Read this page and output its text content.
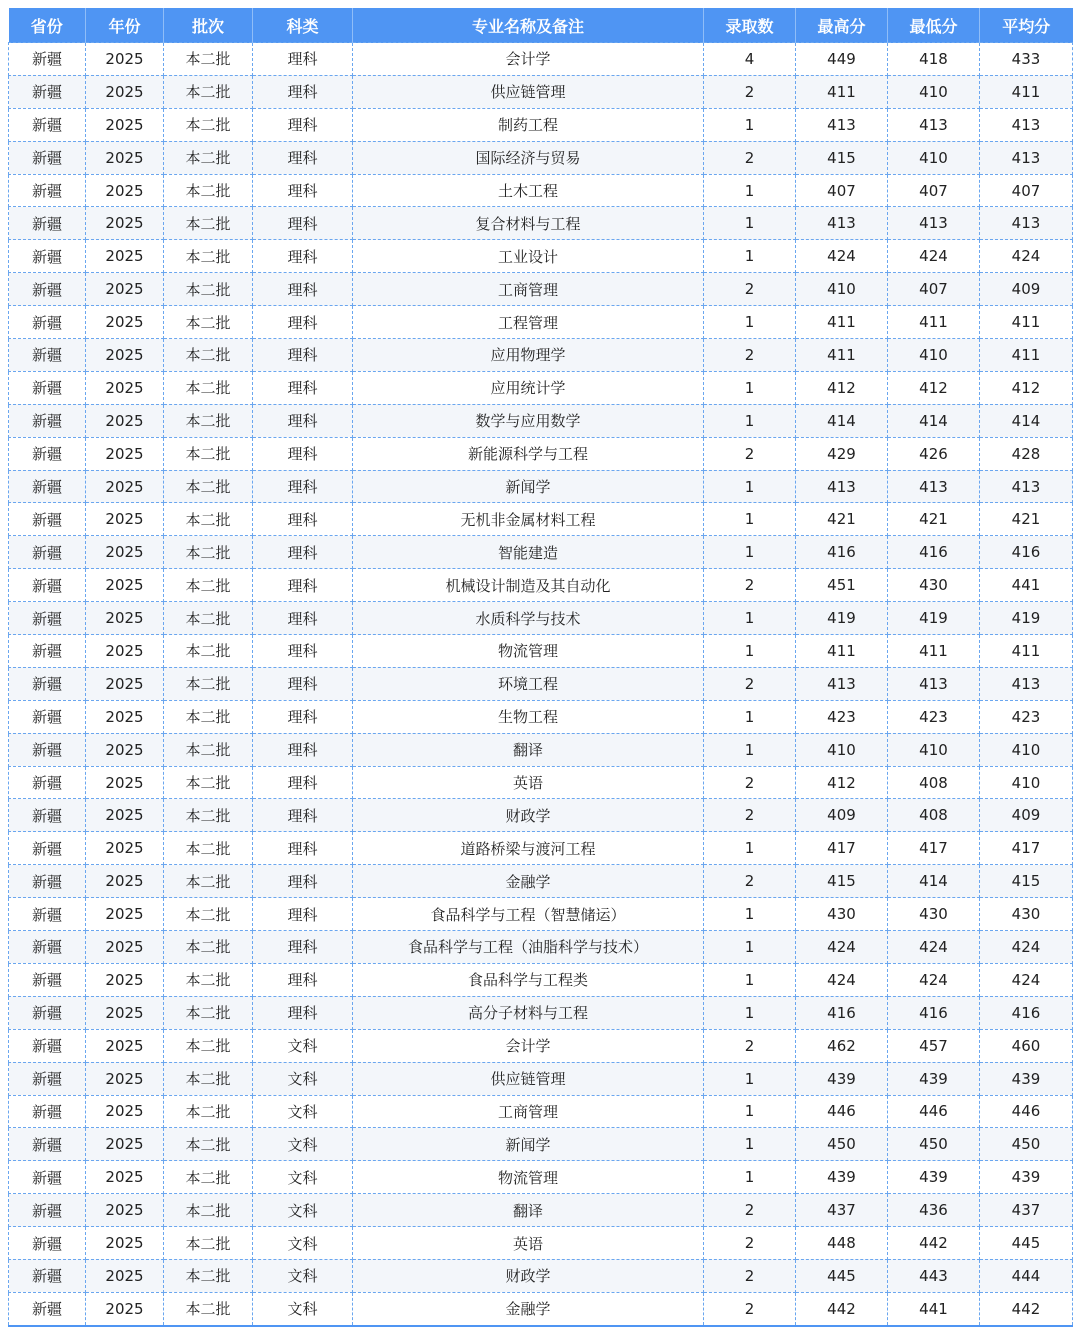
省份	年份	批次	科类	专业名称及备注	录取数	最高分	最低分	平均分
新疆	2025	本二批	理科	会计学	4	449	418	433
新疆	2025	本二批	理科	供应链管理	2	411	410	411
新疆	2025	本二批	理科	制药工程	1	413	413	413
新疆	2025	本二批	理科	国际经济与贸易	2	415	410	413
新疆	2025	本二批	理科	土木工程	1	407	407	407
新疆	2025	本二批	理科	复合材料与工程	1	413	413	413
新疆	2025	本二批	理科	工业设计	1	424	424	424
新疆	2025	本二批	理科	工商管理	2	410	407	409
新疆	2025	本二批	理科	工程管理	1	411	411	411
新疆	2025	本二批	理科	应用物理学	2	411	410	411
新疆	2025	本二批	理科	应用统计学	1	412	412	412
新疆	2025	本二批	理科	数学与应用数学	1	414	414	414
新疆	2025	本二批	理科	新能源科学与工程	2	429	426	428
新疆	2025	本二批	理科	新闻学	1	413	413	413
新疆	2025	本二批	理科	无机非金属材料工程	1	421	421	421
新疆	2025	本二批	理科	智能建造	1	416	416	416
新疆	2025	本二批	理科	机械设计制造及其自动化	2	451	430	441
新疆	2025	本二批	理科	水质科学与技术	1	419	419	419
新疆	2025	本二批	理科	物流管理	1	411	411	411
新疆	2025	本二批	理科	环境工程	2	413	413	413
新疆	2025	本二批	理科	生物工程	1	423	423	423
新疆	2025	本二批	理科	翻译	1	410	410	410
新疆	2025	本二批	理科	英语	2	412	408	410
新疆	2025	本二批	理科	财政学	2	409	408	409
新疆	2025	本二批	理科	道路桥梁与渡河工程	1	417	417	417
新疆	2025	本二批	理科	金融学	2	415	414	415
新疆	2025	本二批	理科	食品科学与工程（智慧储运）	1	430	430	430
新疆	2025	本二批	理科	食品科学与工程（油脂科学与技术）	1	424	424	424
新疆	2025	本二批	理科	食品科学与工程类	1	424	424	424
新疆	2025	本二批	理科	高分子材料与工程	1	416	416	416
新疆	2025	本二批	文科	会计学	2	462	457	460
新疆	2025	本二批	文科	供应链管理	1	439	439	439
新疆	2025	本二批	文科	工商管理	1	446	446	446
新疆	2025	本二批	文科	新闻学	1	450	450	450
新疆	2025	本二批	文科	物流管理	1	439	439	439
新疆	2025	本二批	文科	翻译	2	437	436	437
新疆	2025	本二批	文科	英语	2	448	442	445
新疆	2025	本二批	文科	财政学	2	445	443	444
新疆	2025	本二批	文科	金融学	2	442	441	442
